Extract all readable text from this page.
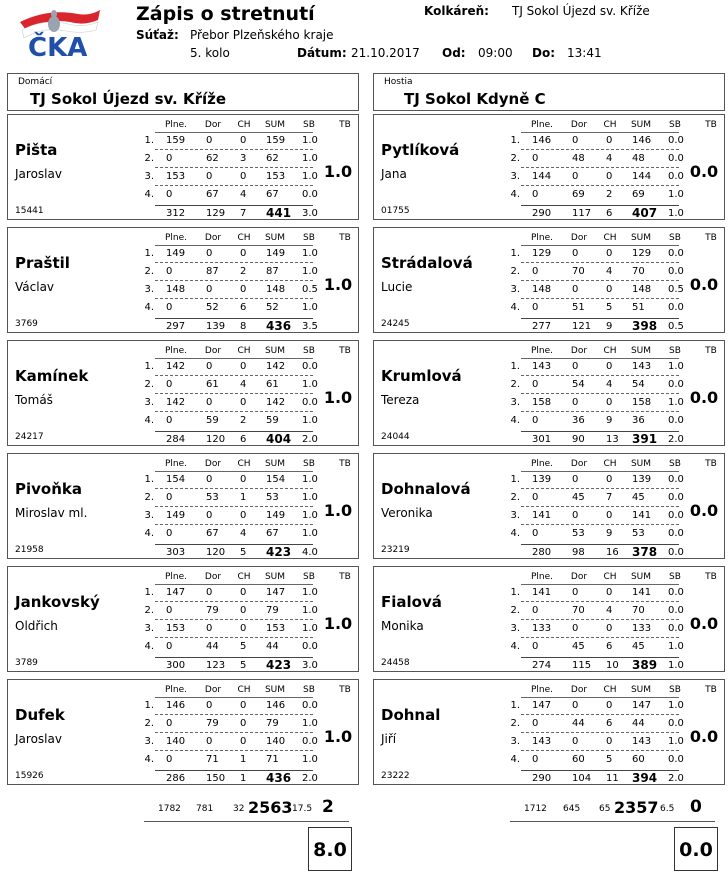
ČKA
Zápis o stretnutí
Súťaž: Přebor Plzeňského kraje
5. kolo	Dátum: 21.10.2017 Od: 09:00 Do: 13:41
Kolkáreň: TJ Sokol Újezd sv. Kříže
Domácí
TJ Sokol Újezd sv. Kříže
Hostia
TJ Sokol Kdyně C
Pišta
Jaroslav
15441
Plne.	Dor	CH	SUM	SB	TB
1. 159 0	0 159 1.0
2. 0	62 3 62 1.0
3. 153 0	0 153 1.0
4. 0	67 4 67 0.0
312 129 7 441 3.0
1.0
Praštil
Václav
3769
Plne.	Dor	CH	SUM	SB	TB
1. 149 0	0 149 1.0
2. 0	87 2 87 1.0
3. 148 0	0 148 0.5
4. 0	52 6 52 1.0
297 139 8 436 3.5
1.0
Kamínek
Tomáš
24217
Plne.	Dor	CH	SUM	SB	TB
1. 142 0	0 142 0.0
2. 0	61 4 61 1.0
3. 142 0	0 142 0.0
4. 0	59 2 59 1.0
284 120 6 404 2.0
1.0
Pivoňka
Miroslav ml.
21958
Plne.	Dor	CH	SUM	SB	TB
1. 154 0	0 154 1.0
2. 0	53 1 53 1.0
3. 149 0	0 149 1.0
4. 0	67 4 67 1.0
303 120 5 423 4.0
1.0
Jankovský
Oldřich
3789
Plne.	Dor	CH	SUM	SB	TB
1. 147 0	0 147 1.0
2. 0	79 0 79 1.0
3. 153 0	0 153 1.0
4. 0	44 5 44 0.0
300 123 5 423 3.0
1.0
Dufek
Jaroslav
15926
Plne.	Dor	CH	SUM	SB	TB
1. 146 0	0 146 0.0
2. 0	79 0 79 1.0
3. 140 0	0 140 0.0
4. 0	71 1 71 1.0
286 150 1 436 2.0
1.0
Pytlíková
Jana
01755
Plne.	Dor	CH	SUM	SB	TB
1. 146 0	0 146 0.0
2. 0	48 4 48 0.0
3. 144 0	0 144 0.0
4. 0	69 2 69 1.0
290 117 6 407 1.0
0.0
Strádalová
Lucie
24245
Plne.	Dor	CH	SUM	SB	TB
1. 129 0	0 129 0.0
2. 0	70 4 70 0.0
3. 148 0	0 148 0.5
4. 0	51 5 51 0.0
277 121 9 398 0.5
0.0
Krumlová
Tereza
24044
Plne.	Dor	CH	SUM	SB	TB
1. 143 0	0 143 1.0
2. 0	54 4 54 0.0
3. 158 0	0 158 1.0
4. 0	36 9 36 0.0
301 90 13 391 2.0
0.0
Dohnalová
Veronika
23219
Plne.	Dor	CH	SUM	SB	TB
1. 139 0	0 139 0.0
2. 0	45 7 45 0.0
3. 141 0	0 141 0.0
4. 0	53 9 53 0.0
280 98 16 378 0.0
0.0
Fialová
Monika
24458
Plne.	Dor	CH	SUM	SB	TB
1. 141 0	0 141 0.0
2. 0	70 4 70 0.0
3. 133 0	0 133 0.0
4. 0	45 6 45 1.0
274 115 10 389 1.0
0.0
Dohnal
Jiří
23222
Plne.	Dor	CH	SUM	SB	TB
1. 147 0	0 147 1.0
2. 0	44 6 44 0.0
3. 143 0	0 143 1.0
4. 0	60 5 60 0.0
290 104 11 394 2.0
0.0
1782 781 32 2563 17.5 2
8.0
1712 645 65 2357 6.5 0
0.0
